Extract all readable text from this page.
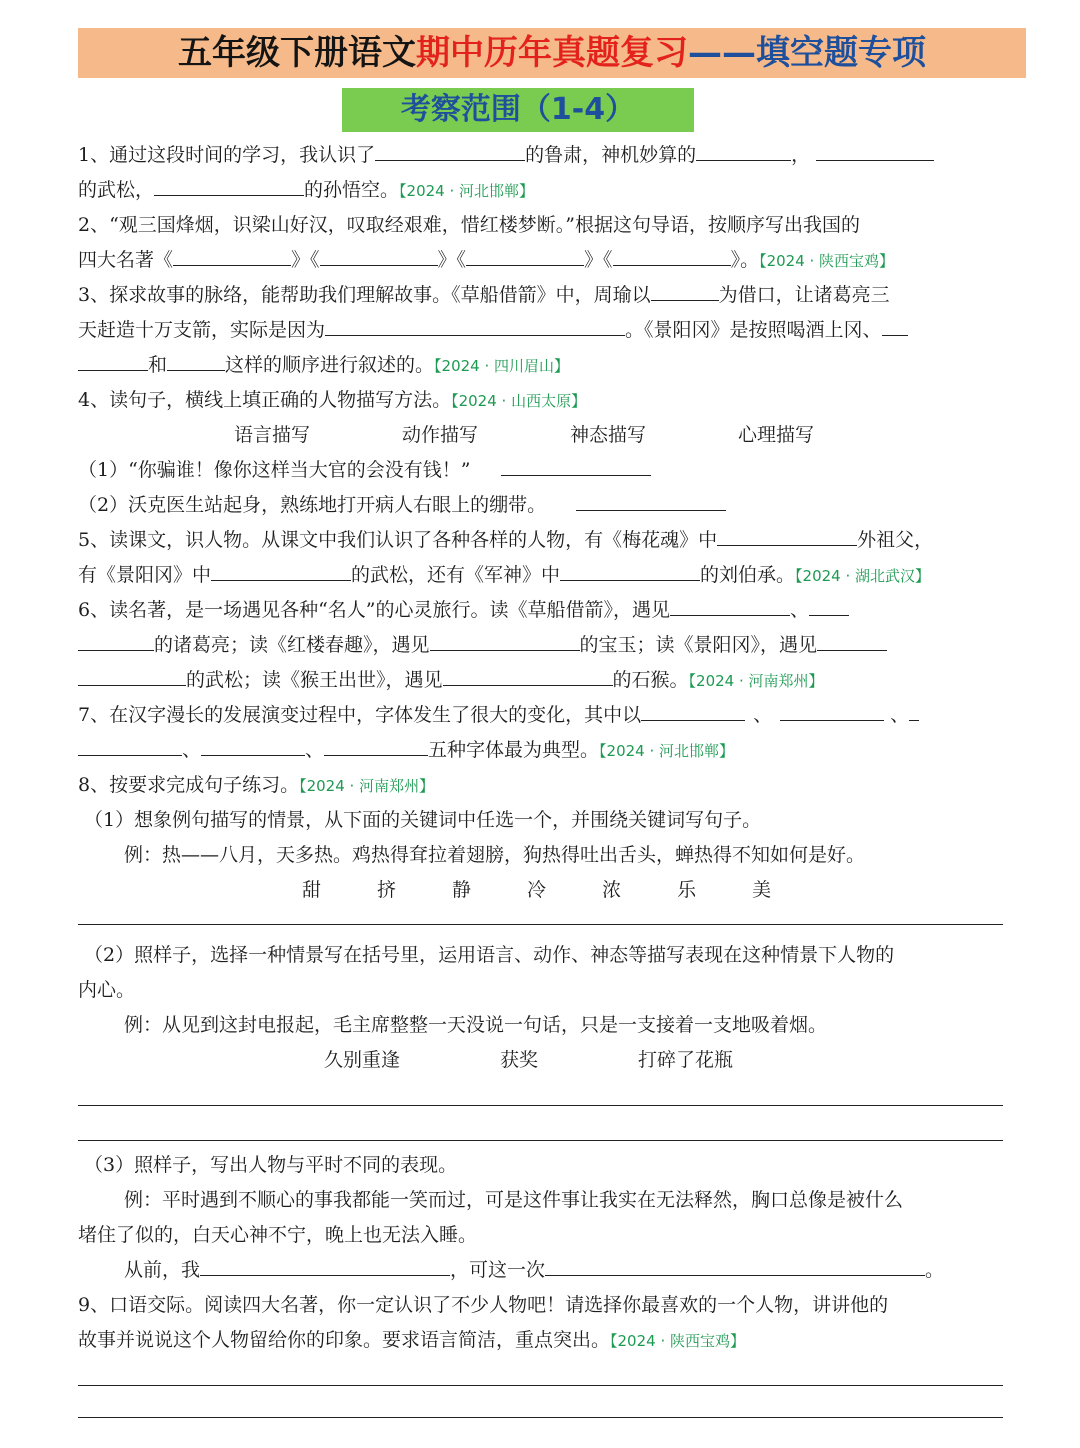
五年级下册语文期中历年真题复习——填空题专项
考察范围（1-4）
1、通过这段时间的学习，我认识了	的鲁肃，神机妙算的	，
的武松，	的孙悟空。【2024 · 河北邯郸】
2、“观三国烽烟，识梁山好汉，叹取经艰难，惜红楼梦断。”根据这句导语，按顺序写出我国的
四大名著《	》《	》《	》《	》。【2024 · 陕西宝鸡】
3、探求故事的脉络，能帮助我们理解故事。《草船借箭》中，周瑜以	为借口，让诸葛亮三
天赶造十万支箭，实际是因为	。《景阳冈》是按照喝酒上冈、
和	这样的顺序进行叙述的。【2024 · 四川眉山】
4、读句子，横线上填正确的人物描写方法。【2024 · 山西太原】
语言描写	动作描写	神态描写	心理描写
（1）“你骗谁！像你这样当大官的会没有钱！”
（2）沃克医生站起身，熟练地打开病人右眼上的绷带。
5、读课文，识人物。从课文中我们认识了各种各样的人物，有《梅花魂》中	外祖父，
有《景阳冈》中	的武松，还有《军神》中	的刘伯承。【2024 · 湖北武汉】
6、读名著，是一场遇见各种“名人”的心灵旅行。读《草船借箭》，遇见	、
的诸葛亮；读《红楼春趣》，遇见	的宝玉；读《景阳冈》，遇见
的武松；读《猴王出世》，遇见	的石猴。【2024 · 河南郑州】
7、在汉字漫长的发展演变过程中，字体发生了很大的变化，其中以	、	、
、	、	五种字体最为典型。【2024 · 河北邯郸】
8、按要求完成句子练习。【2024 · 河南郑州】
（1）想象例句描写的情景，从下面的关键词中任选一个，并围绕关键词写句子。
例：热——八月，天多热。鸡热得耷拉着翅膀，狗热得吐出舌头，蝉热得不知如何是好。
甜	挤	静	冷	浓	乐	美
（2）照样子，选择一种情景写在括号里，运用语言、动作、神态等描写表现在这种情景下人物的
内心。
例：从见到这封电报起，毛主席整整一天没说一句话，只是一支接着一支地吸着烟。
久别重逢	获奖	打碎了花瓶
（3）照样子，写出人物与平时不同的表现。
例：平时遇到不顺心的事我都能一笑而过，可是这件事让我实在无法释然，胸口总像是被什么
堵住了似的，白天心神不宁，晚上也无法入睡。
从前，我	，可这一次	。
9、口语交际。阅读四大名著，你一定认识了不少人物吧！请选择你最喜欢的一个人物，讲讲他的
故事并说说这个人物留给你的印象。要求语言简洁，重点突出。【2024 · 陕西宝鸡】
